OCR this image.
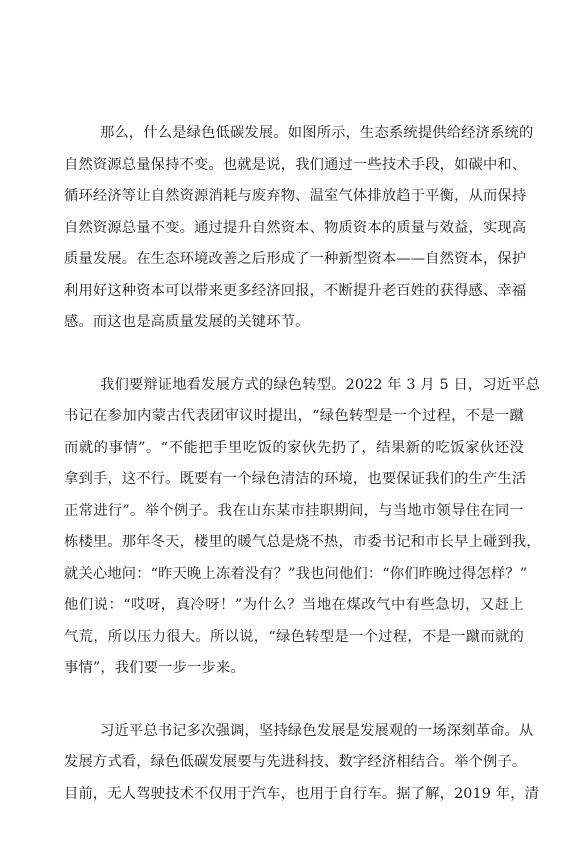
那么，什么是绿色低碳发展。如图所示，生态系统提供给经济系统的
自然资源总量保持不变。也就是说，我们通过一些技术手段，如碳中和、
循环经济等让自然资源消耗与废弃物、温室气体排放趋于平衡，从而保持
自然资源总量不变。通过提升自然资本、物质资本的质量与效益，实现高
质量发展。在生态环境改善之后形成了一种新型资本——自然资本，保护
利用好这种资本可以带来更多经济回报，不断提升老百姓的获得感、幸福
感。而这也是高质量发展的关键环节。
我们要辩证地看发展方式的绿色转型。2022 年 3 月 5 日，习近平总
书记在参加内蒙古代表团审议时提出，“绿色转型是一个过程，不是一蹴
而就的事情”。“不能把手里吃饭的家伙先扔了，结果新的吃饭家伙还没
拿到手，这不行。既要有一个绿色清洁的环境，也要保证我们的生产生活
正常进行”。举个例子。我在山东某市挂职期间，与当地市领导住在同一
栋楼里。那年冬天，楼里的暖气总是烧不热，市委书记和市长早上碰到我，
就关心地问：“昨天晚上冻着没有？”我也问他们：“你们昨晚过得怎样？”
他们说：“哎呀，真冷呀！”为什么？当地在煤改气中有些急切，又赶上
气荒，所以压力很大。所以说，“绿色转型是一个过程，不是一蹴而就的
事情”，我们要一步一步来。
习近平总书记多次强调，坚持绿色发展是发展观的一场深刻革命。从
发展方式看，绿色低碳发展要与先进科技、数字经济相结合。举个例子。
目前，无人驾驶技术不仅用于汽车，也用于自行车。据了解，2019 年，清
